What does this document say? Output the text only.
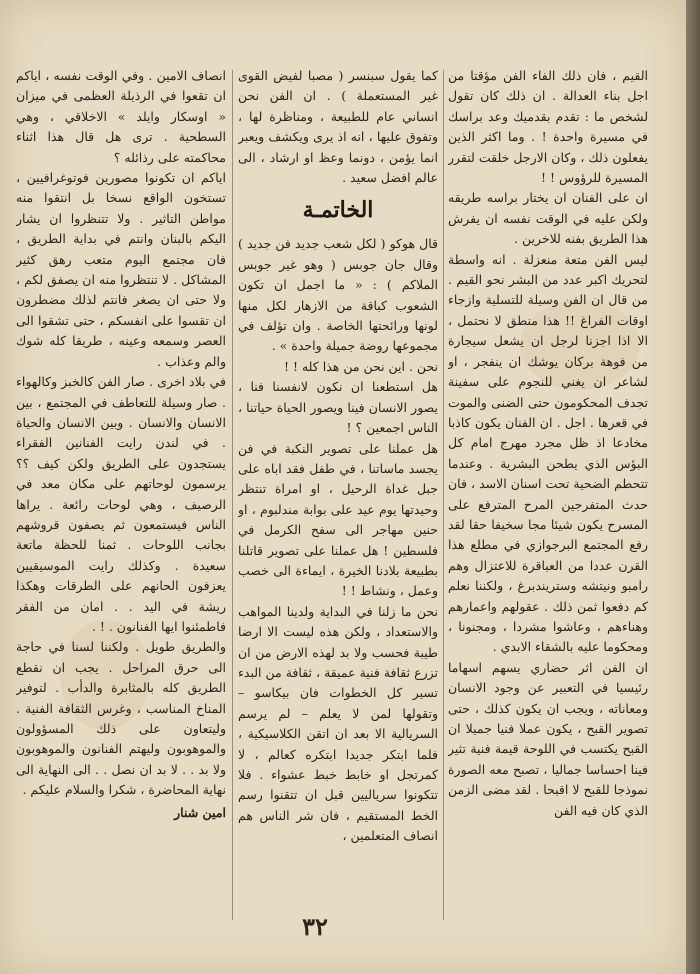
القيم ، فان ذلك الفاء الفن مؤقتا من اجل بناء العدالة . ان ذلك كان تقول لشخص ما : تقدم بقدميك وعد براسك في مسيرة واحدة ! . وما اكثر الذين يفعلون ذلك ، وكان الارجل خلقت لتقرر المسيرة للرؤوس ! !

ان على الفنان ان يختار براسه طريقه ولكن عليه في الوقت نفسه ان يفرش هذا الطريق بفنه للاخرين .

ليس الفن متعة منعزلة . انه واسطة لتحريك اكبر عدد من البشر نحو القيم . من قال ان الفن وسيلة للتسلية وازجاء اوقات الفراغ !! هذا منطق لا نحتمل ، الا اذا اجزنا لرجل ان يشعل سيجارة من فوهة بركان يوشك ان ينفجر ، او لشاعر ان يغني للنجوم على سفينة تجدف المحكومون حتى الضنى والموت في قعرها . اجل . ان الفنان يكون كاذبا مخادعا اذ ظل مجرد مهرج امام كل البؤس الذي يطحن البشرية . وعندما تتحطم الضحية تحت اسنان الاسد ، فان حدث المتفرجين المرح المترفع على المسرح يكون شيئا مجا سخيفا حقا لقد رفع المجتمع البرجوازي في مطلع هذا القرن عددا من العباقرة للاعتزال وهم رامبو ونيتشه وستريندبرغ ، ولكننا نعلم كم دفعوا ثمن ذلك . عقولهم واعمارهم وهناءهم ، وعاشوا مشردا ، ومجنونا ، ومحكوما عليه بالشقاء الابدي .

ان الفن اثر حضاري يسهم اسهاما رئيسيا في التعبير عن وجود الانسان ومعاناته ، ويجب ان يكون كذلك ، حتى تصوير القبح ، يكون عملا فنيا جميلا ان القبح يكتسب في اللوحة قيمة فنية تثير فينا احساسا جماليا ، تصبح معه الصورة نموذجا للقبح لا اقبحا . لقد مضى الزمن الذي كان فيه الفن

كما يقول سبنسر ( مصبا لفيض القوى غير المستعملة ) . ان الفن نحن انساني عام للطبيعة ، ومناظرة لها ، وتفوق عليها ، انه اذ يرى ويكشف ويعبر انما يؤمن ، دونما وعظ او ارشاد ، الى عالم افضل سعيد .

الخاتمـة

قال هوكو ( لكل شعب جديد فن جديد ) وقال جان جوبس ( وهو غير جوبس الملاكم ) : « ما اجمل ان تكون الشعوب كباقة من الازهار لكل منها لونها ورائحتها الخاصة . وان تؤلف في مجموعها روضة جميلة واحدة » .

نحن . اين نحن من هذا كله ! !

هل استطعنا ان نكون لانفسنا فنا ، يصور الانسان فينا ويصور الحياة حياتنا ، الناس اجمعين ؟ !

هل عملنا على تصوير النكبة في فن يجسد ماساتنا ، في طفل فقد اباه على جبل غداة الرحيل ، او امراة تنتظر وحيدتها يوم عيد على بوابة مندلبوم ، او حنين مهاجر الى سفح الكرمل في فلسطين ! هل عملنا على تصوير قاتلنا بطبيعة بلادنا الخيرة ، ايماءة الى خصب وعمل ، ونشاط ! !

نحن ما زلنا في البداية ولدينا المواهب والاستعداد ، ولكن هذه ليست الا ارضا طيبة فحسب ولا بد لهذه الارض من ان تزرع ثقافة فنية عميقة ، ثقافة من البدء تسير كل الخطوات فان بيكاسو – وتقولها لمن لا يعلم – لم يرسم السريالية الا بعد ان اتقن الكلاسيكية ، فلما ابتكر جديدا ابتكره كعالم ، لا كمرتجل او خابط خبط عشواء . فلا تتكونوا سرياليين قبل ان تتقنوا رسم الخط المستقيم ، فان شر الناس هم انصاف المتعلمين ،

انصاف الامين . وفي الوقت نفسه ، اياكم ان تقعوا في الرذيلة العظمى في ميزان « اوسكار وايلد » الاخلاقي ، وهي السطحية . ترى هل قال هذا اثناء محاكمته على رذائله ؟

اياكم ان تكونوا مصورين فوتوغرافيين ، تستخون الواقع نسخا بل انتقوا منه مواطن التاثير . ولا تتنظروا ان يشار اليكم بالبنان وانتم في بداية الطريق ، فان مجتمع اليوم متعب رهق كثير المشاكل . لا تنتظروا منه ان يصفق لكم ، ولا حتى ان يصغر فانتم لذلك مضطرون ان تقسوا على انفسكم ، حتى تشقوا الى العصر وسمعه وعينه ، طريقا كله شوك والم وعذاب .

في بلاد اخرى . صار الفن كالخبز وكالهواء . صار وسيلة للتعاطف في المجتمع ، بين الانسان والانسان . وبين الانسان والحياة . في لندن رايت الفنانين الفقراء يستجدون على الطريق ولكن كيف ؟؟ يرسمون لوحاتهم على مكان معد في الرصيف ، وهي لوحات رائعة . يراها الناس فيستمعون ثم يصفون قروشهم بجانب اللوحات . ثمنا للحظة ماتعة سعيدة . وكذلك رايت الموسيقيين يعزفون الحانهم على الطرقات وهكذا ريشة في اليد . . امان من الفقر فاطمئنوا ايها الفنانون . ! .

والطريق طويل . ولكننا لسنا في حاجة الى حرق المراحل . يجب ان نقطع الطريق كله بالمثابرة والدأب . لتوفير المناخ المناسب ، وغرس الثقافة الفنية . وليتعاون على ذلك المسؤولون والموهوبون وليهتم الفنانون والموهوبون ولا بد . . لا بد ان نصل . . الى النهاية الى نهاية المحاضرة ، شكرا والسلام عليكم .

امين شنار
٣٢
